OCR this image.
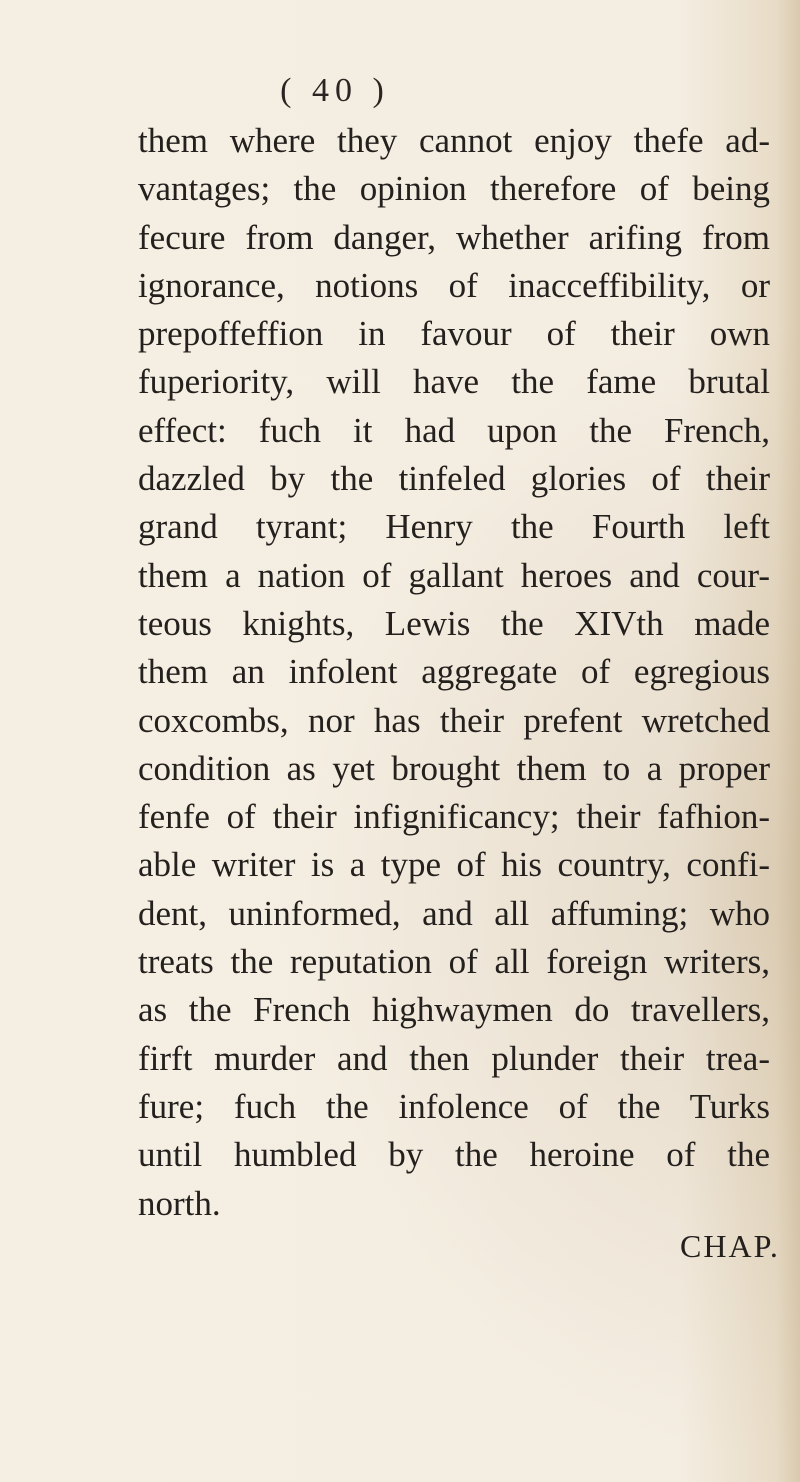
( 40 )
them where they cannot enjoy thefe ad-
vantages; the opinion therefore of being
fecure from danger, whether arifing from
ignorance, notions of inacceffibility, or
prepoffeffion in favour of their own
fuperiority, will have the fame brutal
effect: fuch it had upon the French,
dazzled by the tinfeled glories of their
grand tyrant; Henry the Fourth left
them a nation of gallant heroes and cour-
teous knights, Lewis the XIVth made
them an infolent aggregate of egregious
coxcombs, nor has their prefent wretched
condition as yet brought them to a proper
fenfe of their infignificancy; their fafhion-
able writer is a type of his country, confi-
dent, uninformed, and all affuming; who
treats the reputation of all foreign writers,
as the French highwaymen do travellers,
firft murder and then plunder their trea-
fure; fuch the infolence of the Turks
until humbled by the heroine of the
north.
CHAP.
